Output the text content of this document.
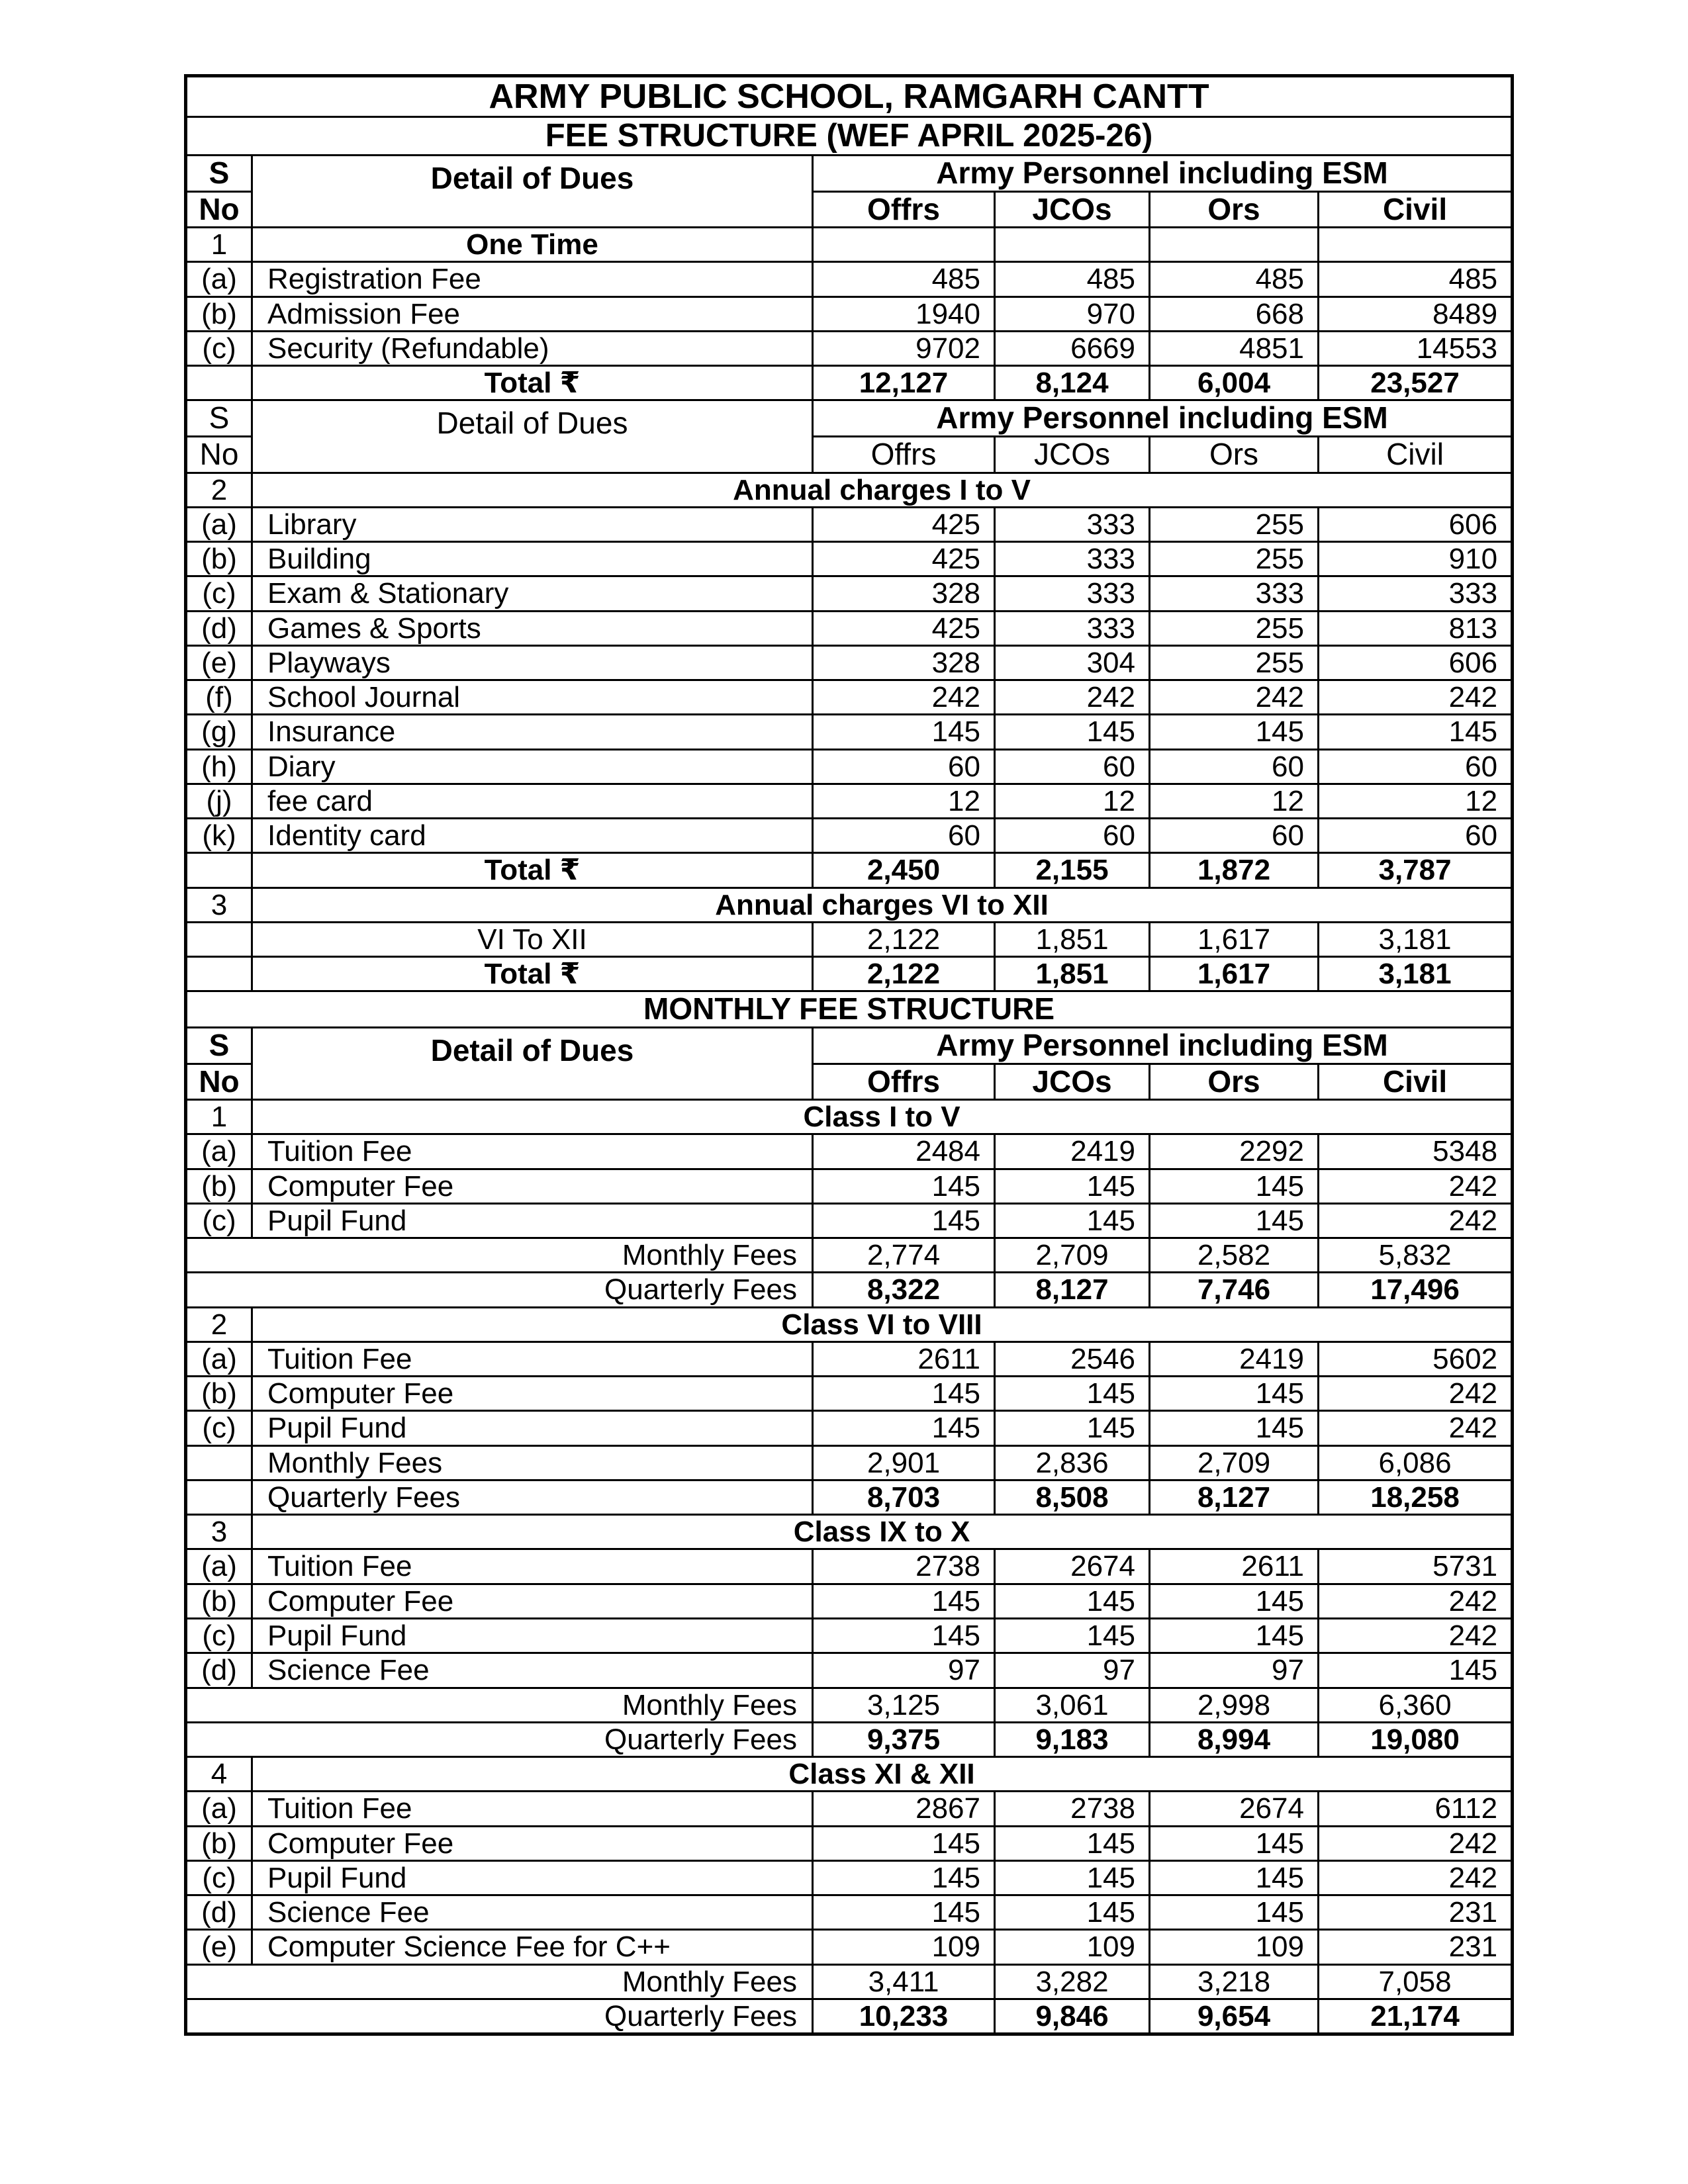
ARMY PUBLIC SCHOOL, RAMGARH CANTT					
FEE STRUCTURE (WEF APRIL 2025-26)					
S	Detail of Dues	Army Personnel including ESM			
No		Offrs	JCOs	Ors	Civil
1	One Time				
(a)	Registration Fee	485	485	485	485
(b)	Admission Fee	1940	970	668	8489
(c)	Security (Refundable)	9702	6669	4851	14553
	Total ₹	12,127	8,124	6,004	23,527
S	Detail of Dues	Army Personnel including ESM			
No		Offrs	JCOs	Ors	Civil
2	Annual charges I to V				
(a)	Library	425	333	255	606
(b)	Building	425	333	255	910
(c)	Exam & Stationary	328	333	333	333
(d)	Games & Sports	425	333	255	813
(e)	Playways	328	304	255	606
(f)	School Journal	242	242	242	242
(g)	Insurance	145	145	145	145
(h)	Diary	60	60	60	60
(j)	fee card	12	12	12	12
(k)	Identity card	60	60	60	60
	Total ₹	2,450	2,155	1,872	3,787
3	Annual charges VI to XII				
	VI To XII	2,122	1,851	1,617	3,181
	Total ₹	2,122	1,851	1,617	3,181
MONTHLY FEE STRUCTURE					
S	Detail of Dues	Army Personnel including ESM			
No		Offrs	JCOs	Ors	Civil
1	Class I to V				
(a)	Tuition Fee	2484	2419	2292	5348
(b)	Computer Fee	145	145	145	242
(c)	Pupil Fund	145	145	145	242
Monthly Fees		2,774	2,709	2,582	5,832
Quarterly Fees		8,322	8,127	7,746	17,496
2	Class VI to VIII				
(a)	Tuition Fee	2611	2546	2419	5602
(b)	Computer Fee	145	145	145	242
(c)	Pupil Fund	145	145	145	242
	Monthly Fees	2,901	2,836	2,709	6,086
	Quarterly Fees	8,703	8,508	8,127	18,258
3	Class IX to X				
(a)	Tuition Fee	2738	2674	2611	5731
(b)	Computer Fee	145	145	145	242
(c)	Pupil Fund	145	145	145	242
(d)	Science Fee	97	97	97	145
Monthly Fees		3,125	3,061	2,998	6,360
Quarterly Fees		9,375	9,183	8,994	19,080
4	Class XI & XII				
(a)	Tuition Fee	2867	2738	2674	6112
(b)	Computer Fee	145	145	145	242
(c)	Pupil Fund	145	145	145	242
(d)	Science Fee	145	145	145	231
(e)	Computer Science Fee for C++	109	109	109	231
Monthly Fees		3,411	3,282	3,218	7,058
Quarterly Fees		10,233	9,846	9,654	21,174
